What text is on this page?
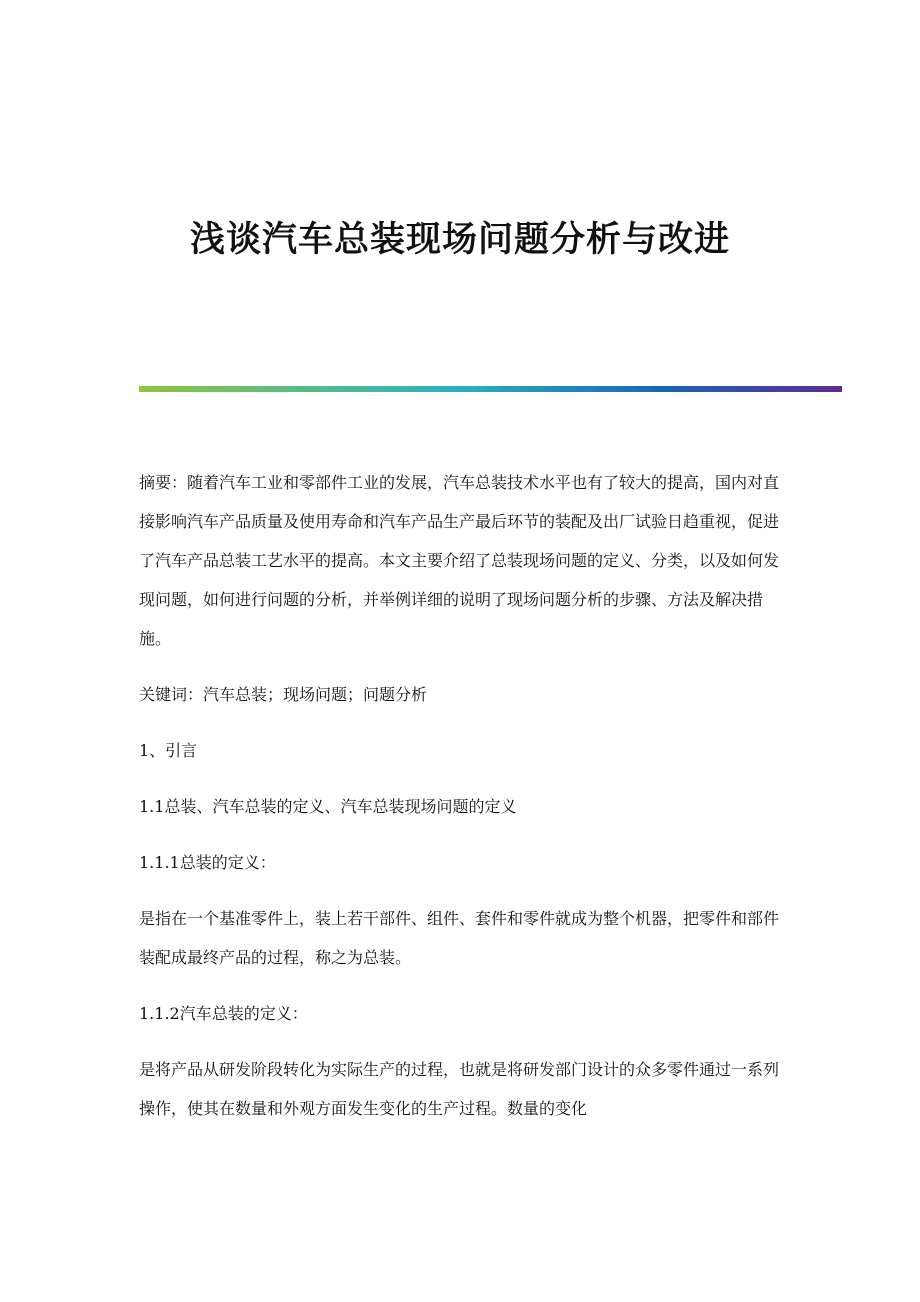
浅谈汽车总装现场问题分析与改进

摘要：随着汽车工业和零部件工业的发展，汽车总装技术水平也有了较大的提高，国内对直接影响汽车产品质量及使用寿命和汽车产品生产最后环节的装配及出厂试验日趋重视，促进了汽车产品总装工艺水平的提高。本文主要介绍了总装现场问题的定义、分类，以及如何发现问题，如何进行问题的分析，并举例详细的说明了现场问题分析的步骤、方法及解决措施。

关键词：汽车总装；现场问题；问题分析

1、引言

1.1总装、汽车总装的定义、汽车总装现场问题的定义

1.1.1总装的定义：

是指在一个基准零件上，装上若干部件、组件、套件和零件就成为整个机器，把零件和部件装配成最终产品的过程，称之为总装。

1.1.2汽车总装的定义：

是将产品从研发阶段转化为实际生产的过程，也就是将研发部门设计的众多零件通过一系列操作，使其在数量和外观方面发生变化的生产过程。数量的变化
